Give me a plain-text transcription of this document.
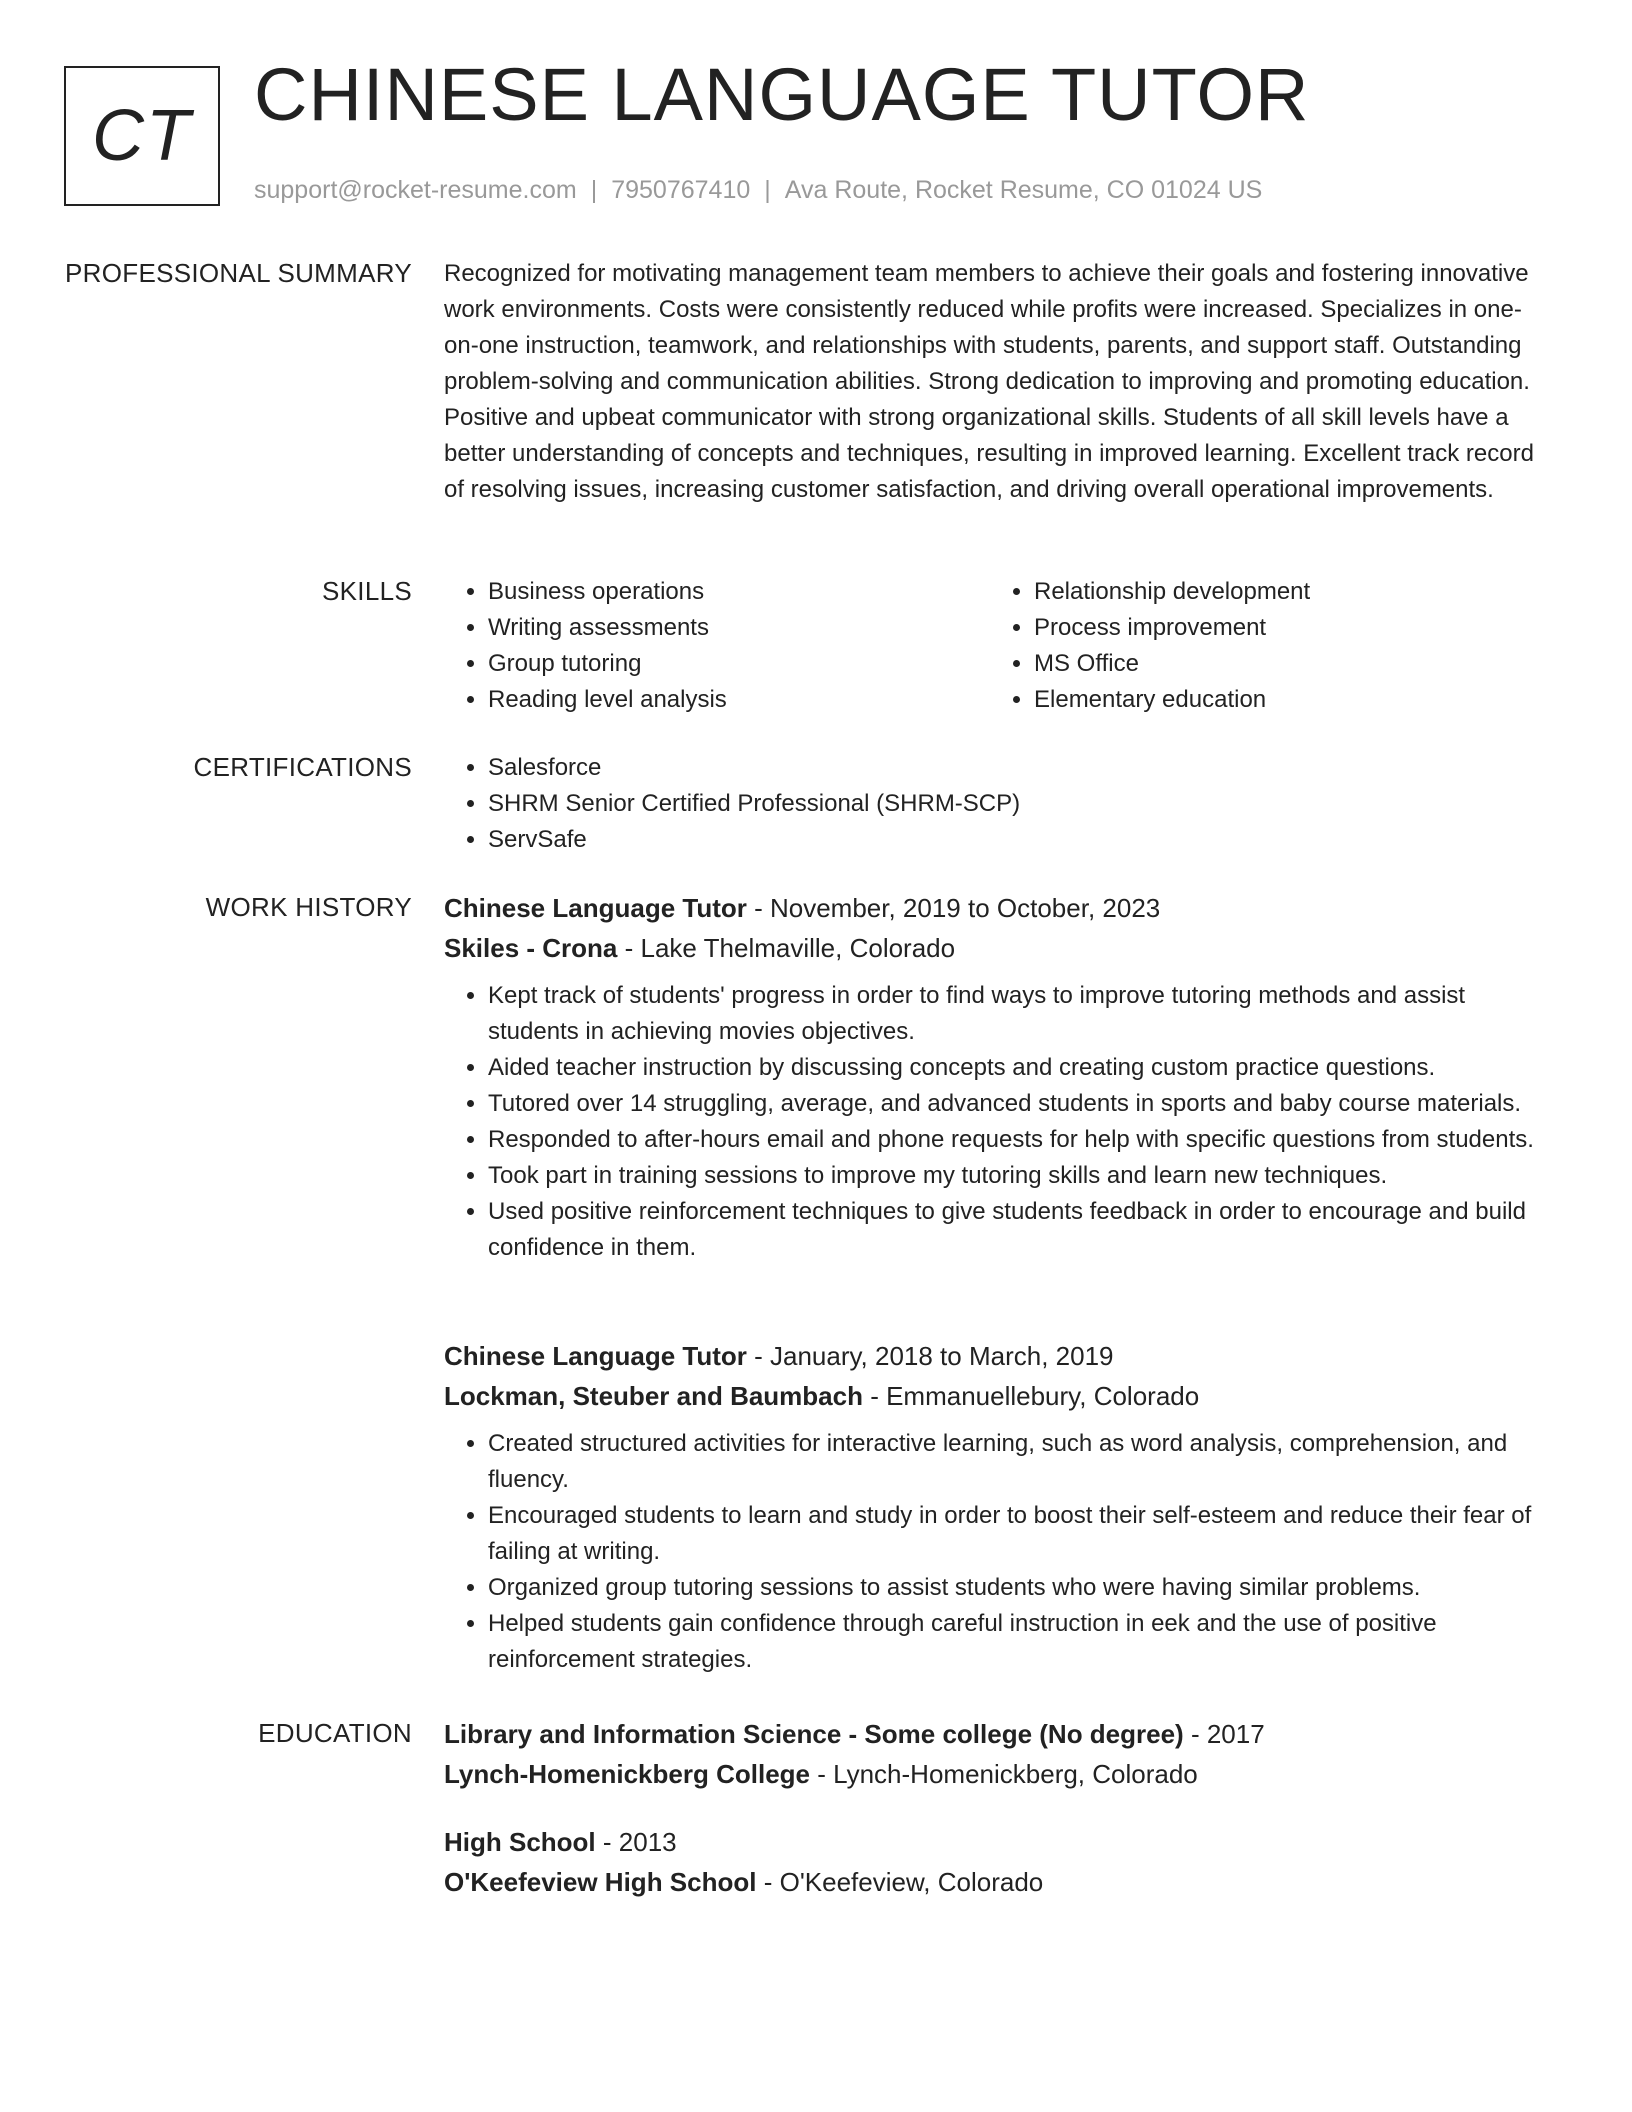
CT CHINESE LANGUAGE TUTOR
support@rocket-resume.com | 7950767410 | Ava Route, Rocket Resume, CO 01024 US
PROFESSIONAL SUMMARY Recognized for motivating management team members to achieve their goals and fostering innovative work environments. Costs were consistently reduced while profits were increased. Specializes in one-on-one instruction, teamwork, and relationships with students, parents, and support staff. Outstanding problem-solving and communication abilities. Strong dedication to improving and promoting education. Positive and upbeat communicator with strong organizational skills. Students of all skill levels have a better understanding of concepts and techniques, resulting in improved learning. Excellent track record of resolving issues, increasing customer satisfaction, and driving overall operational improvements.
SKILLS	• Business operations
• Writing assessments
• Group tutoring
• Reading level analysis
• Relationship development
• Process improvement
• MS Office
• Elementary education
CERTIFICATIONS	• Salesforce
• SHRM Senior Certified Professional (SHRM-SCP)
• ServSafe
WORK HISTORY Chinese Language Tutor - November, 2019 to October, 2023
Skiles - Crona - Lake Thelmaville, Colorado
• Kept track of students' progress in order to find ways to improve tutoring methods and assist students in achieving movies objectives.
• Aided teacher instruction by discussing concepts and creating custom practice questions.
• Tutored over 14 struggling, average, and advanced students in sports and baby course materials.
• Responded to after-hours email and phone requests for help with specific questions from students.
• Took part in training sessions to improve my tutoring skills and learn new techniques.
• Used positive reinforcement techniques to give students feedback in order to encourage and build confidence in them.
Chinese Language Tutor - January, 2018 to March, 2019
Lockman, Steuber and Baumbach - Emmanuellebury, Colorado
• Created structured activities for interactive learning, such as word analysis, comprehension, and fluency.
• Encouraged students to learn and study in order to boost their self-esteem and reduce their fear of failing at writing.
• Organized group tutoring sessions to assist students who were having similar problems.
• Helped students gain confidence through careful instruction in eek and the use of positive reinforcement strategies.
EDUCATION Library and Information Science - Some college (No degree) - 2017
Lynch-Homenickberg College - Lynch-Homenickberg, Colorado
High School - 2013
O'Keefeview High School - O'Keefeview, Colorado
